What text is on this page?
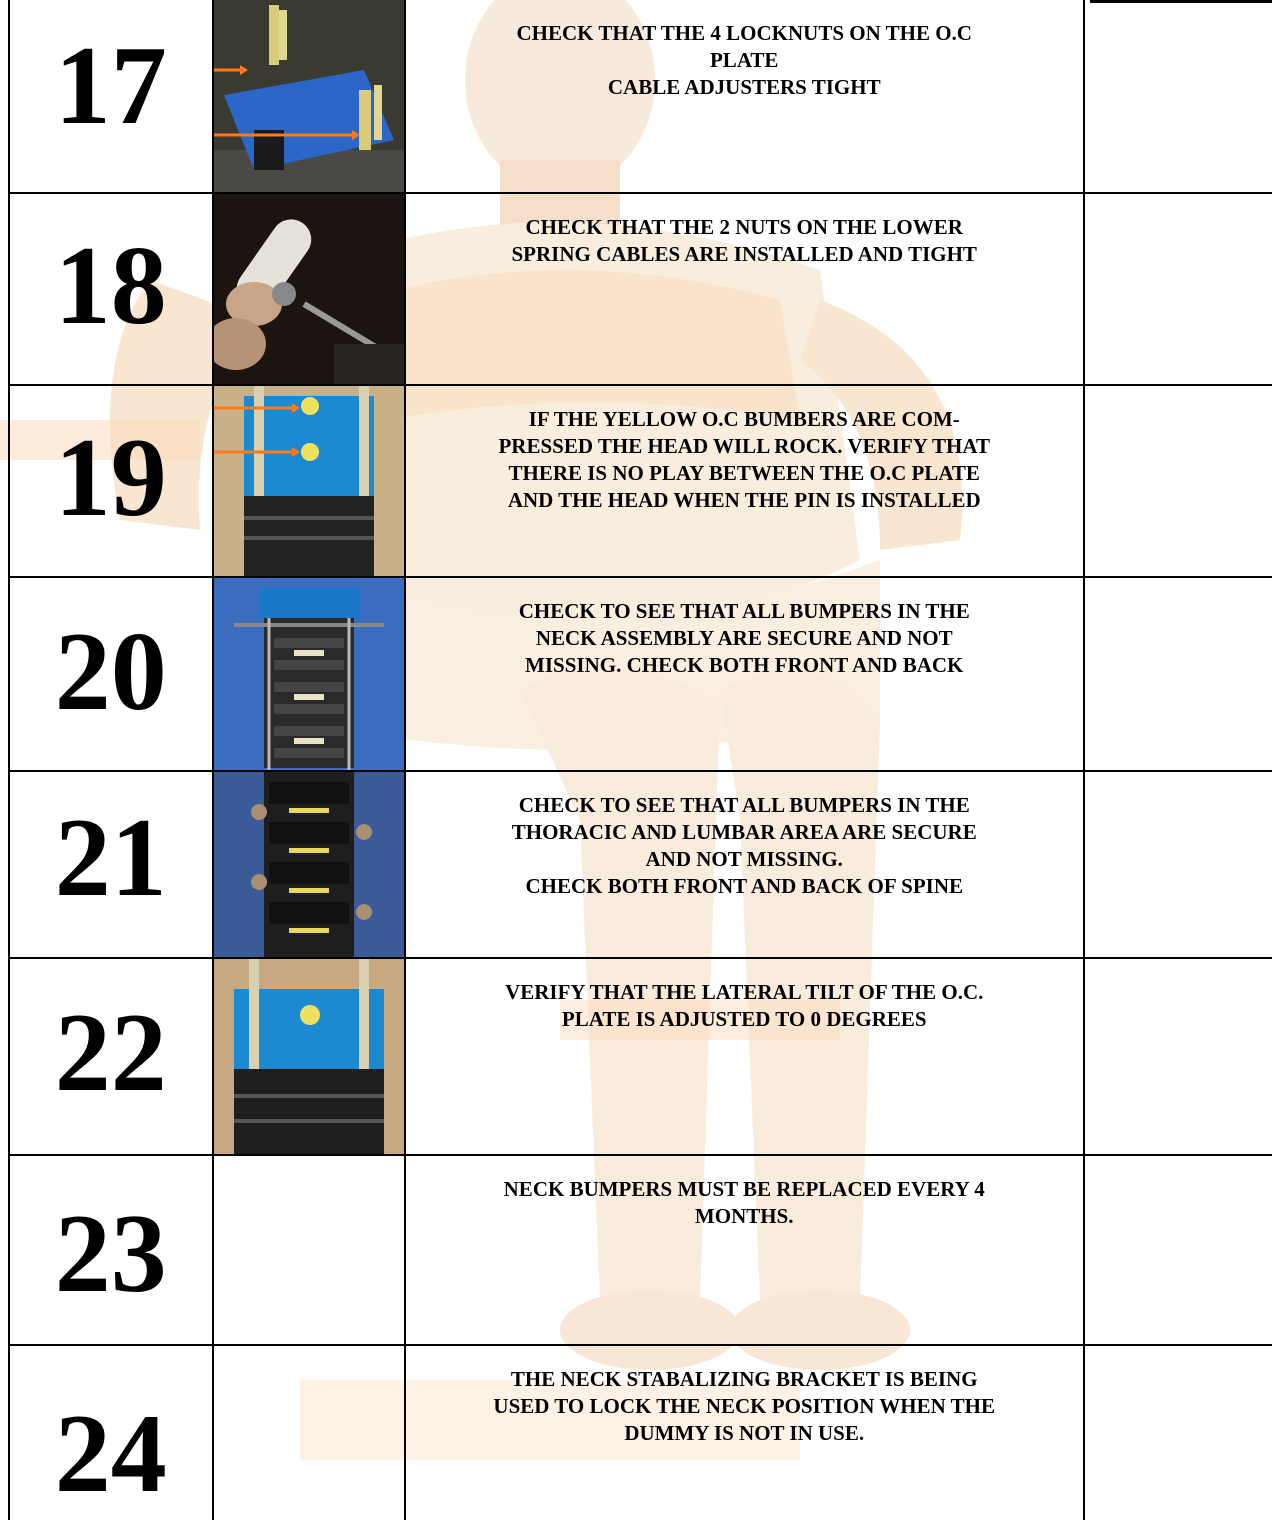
17		CHECK THAT THE 4 LOCKNUTS ON THE O.C
PLATE
CABLE ADJUSTERS TIGHT	

18		CHECK THAT THE 2 NUTS ON THE LOWER
SPRING CABLES ARE INSTALLED AND TIGHT	

19		IF THE YELLOW O.C BUMBERS ARE COM-
PRESSED THE HEAD WILL ROCK. VERIFY THAT
THERE IS NO PLAY BETWEEN THE O.C PLATE
AND THE HEAD WHEN THE PIN IS INSTALLED	

20		CHECK TO SEE THAT ALL BUMPERS IN THE
NECK ASSEMBLY ARE SECURE AND NOT
MISSING. CHECK BOTH FRONT AND BACK	

21		CHECK TO SEE THAT ALL BUMPERS IN THE
THORACIC AND LUMBAR AREA ARE SECURE
AND NOT MISSING.
CHECK BOTH FRONT AND BACK OF SPINE	

22		VERIFY THAT THE LATERAL TILT OF THE O.C.
PLATE IS ADJUSTED TO 0 DEGREES	

23		NECK BUMPERS MUST BE REPLACED EVERY 4
MONTHS.	

24		THE NECK STABALIZING BRACKET IS BEING
USED TO LOCK THE NECK POSITION WHEN THE
DUMMY IS NOT IN USE.	
